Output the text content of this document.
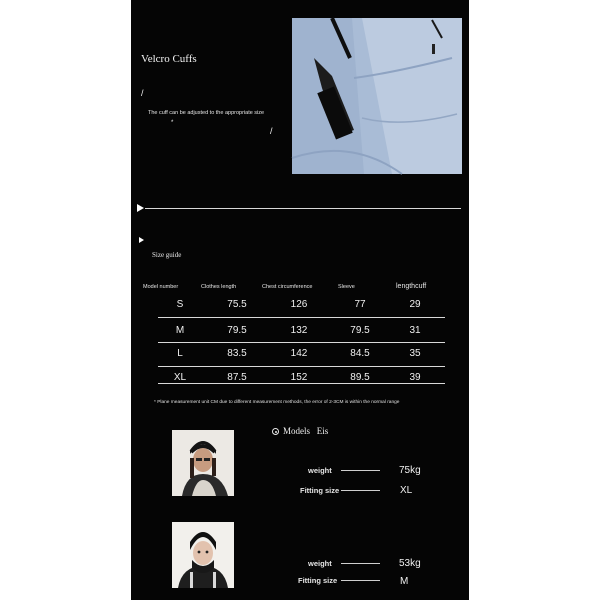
Velcro Cuffs
/
The cuff can be adjusted to the appropriate size
*
/
Size guide
Model number	Clothes length	Chest circumference	Sleeve	lengthcuff
S	75.5	126	77	29
M	79.5	132	79.5	31
L	83.5	142	84.5	35
XL	87.5	152	89.5	39
* Plane measurement unit CM due to different measurement methods, the error of 2-3CM is within the normal range
Models Eis
weight	75kg
Fitting size	XL
weight	53kg
Fitting size	M
